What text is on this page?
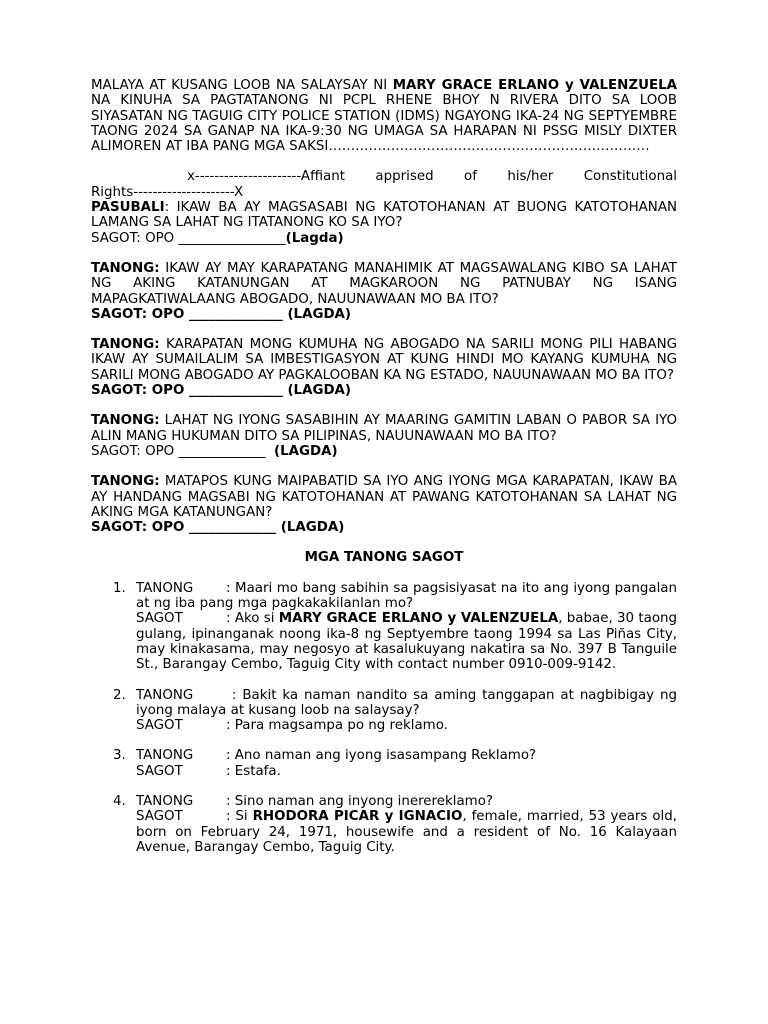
MALAYA AT KUSANG LOOB NA SALAYSAY NI MARY GRACE ERLANO y VALENZUELA NA KINUHA SA PAGTATANONG NI PCPL RHENE BHOY N RIVERA DITO SA LOOB SIYASATAN NG TAGUIG CITY POLICE STATION (IDMS) NGAYONG IKA-24 NG SEPTYEMBRE TAONG 2024 SA GANAP NA IKA-9:30 NG UMAGA SA HARAPAN NI PSSG MISLY DIXTER ALIMOREN AT IBA PANG MGA SAKSI………………………………………………………………

x----------------------Affiant apprised of his/her Constitutional

Rights---------------------X

PASUBALI: IKAW BA AY MAGSASABI NG KATOTOHANAN AT BUONG KATOTOHANAN LAMANG SA LAHAT NG ITATANONG KO SA IYO?

SAGOT: OPO ________________(Lagda)

TANONG: IKAW AY MAY KARAPATANG MANAHIMIK AT MAGSAWALANG KIBO SA LAHAT NG AKING KATANUNGAN AT MAGKAROON NG PATNUBAY NG ISANG MAPAGKATIWALAANG ABOGADO, NAUUNAWAAN MO BA ITO?

SAGOT: OPO ______________ (LAGDA)

TANONG: KARAPATAN MONG KUMUHA NG ABOGADO NA SARILI MONG PILI HABANG IKAW AY SUMAILALIM SA IMBESTIGASYON AT KUNG HINDI MO KAYANG KUMUHA NG SARILI MONG ABOGADO AY PAGKALOOBAN KA NG ESTADO, NAUUNAWAAN MO BA ITO?

SAGOT: OPO ______________ (LAGDA)

TANONG: LAHAT NG IYONG SASABIHIN AY MAARING GAMITIN LABAN O PABOR SA IYO ALIN MANG HUKUMAN DITO SA PILIPINAS, NAUUNAWAAN MO BA ITO?

SAGOT: OPO _____________ (LAGDA)

TANONG: MATAPOS KUNG MAIPABATID SA IYO ANG IYONG MGA KARAPATAN, IKAW BA AY HANDANG MAGSABI NG KATOTOHANAN AT PAWANG KATOTOHANAN SA LAHAT NG AKING MGA KATANUNGAN?

SAGOT: OPO _____________ (LAGDA)

MGA TANONG SAGOT

1. TANONG : Maari mo bang sabihin sa pagsisiyasat na ito ang iyong pangalan at ng iba pang mga pagkakakilanlan mo?

SAGOT	: Ako si MARY GRACE ERLANO y VALENZUELA, babae, 30 taong gulang, ipinanganak noong ika-8 ng Septyembre taong 1994 sa Las Piñas City, may kinakasama, may negosyo at kasalukuyang nakatira sa No. 397 B Tanguile St., Barangay Cembo, Taguig City with contact number 0910-009-9142.

2. TANONG : Bakit ka naman nandito sa aming tanggapan at nagbibigay ng iyong malaya at kusang loob na salaysay?

SAGOT	: Para magsampa po ng reklamo.

3. TANONG : Ano naman ang iyong isasampang Reklamo?

SAGOT	: Estafa.

4. TANONG : Sino naman ang inyong inerereklamo?

SAGOT	: Si RHODORA PICAR y IGNACIO, female, married, 53 years old, born on February 24, 1971, housewife and a resident of No. 16 Kalayaan Avenue, Barangay Cembo, Taguig City.
